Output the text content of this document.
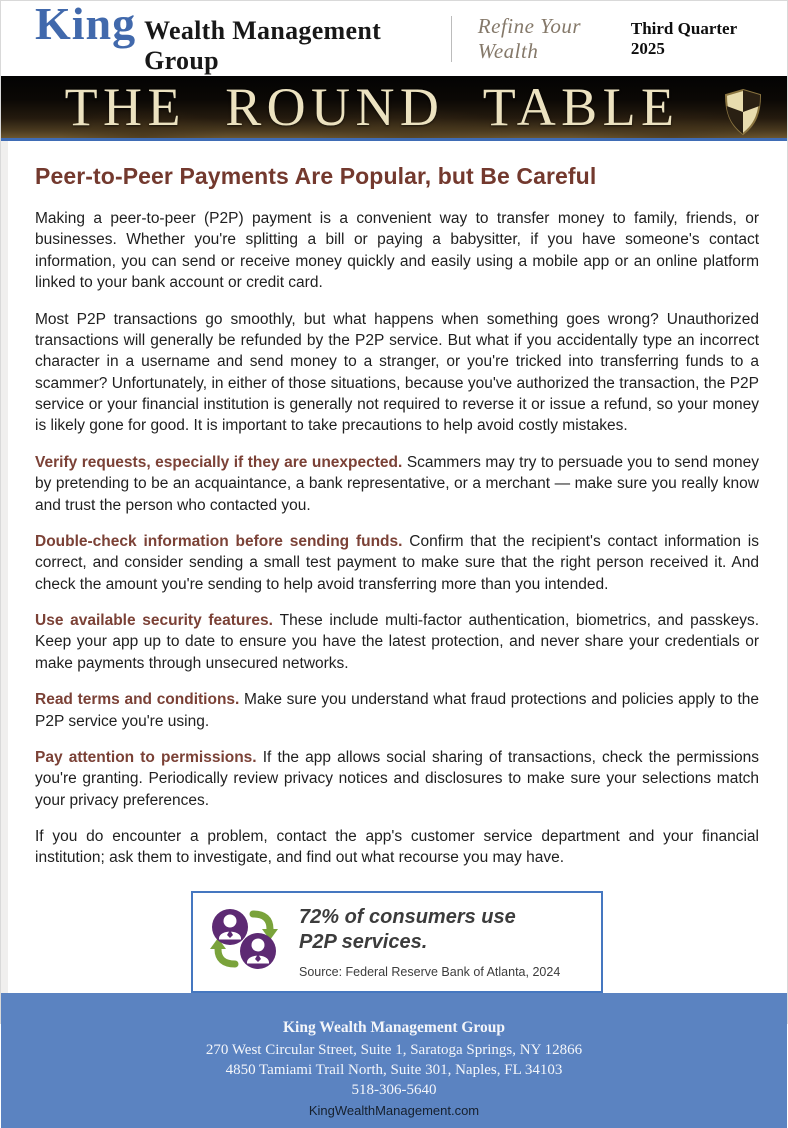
King Wealth Management Group
Refine Your Wealth
Third Quarter 2025
THE ROUND TABLE
Peer-to-Peer Payments Are Popular, but Be Careful

Making a peer-to-peer (P2P) payment is a convenient way to transfer money to family, friends, or businesses. Whether you're splitting a bill or paying a babysitter, if you have someone's contact information, you can send or receive money quickly and easily using a mobile app or an online platform linked to your bank account or credit card.

Most P2P transactions go smoothly, but what happens when something goes wrong? Unauthorized transactions will generally be refunded by the P2P service. But what if you accidentally type an incorrect character in a username and send money to a stranger, or you're tricked into transferring funds to a scammer? Unfortunately, in either of those situations, because you've authorized the transaction, the P2P service or your financial institution is generally not required to reverse it or issue a refund, so your money is likely gone for good. It is important to take precautions to help avoid costly mistakes.

Verify requests, especially if they are unexpected. Scammers may try to persuade you to send money by pretending to be an acquaintance, a bank representative, or a merchant — make sure you really know and trust the person who contacted you.

Double-check information before sending funds. Confirm that the recipient's contact information is correct, and consider sending a small test payment to make sure that the right person received it. And check the amount you're sending to help avoid transferring more than you intended.

Use available security features. These include multi-factor authentication, biometrics, and passkeys. Keep your app up to date to ensure you have the latest protection, and never share your credentials or make payments through unsecured networks.

Read terms and conditions. Make sure you understand what fraud protections and policies apply to the P2P service you're using.

Pay attention to permissions. If the app allows social sharing of transactions, check the permissions you're granting. Periodically review privacy notices and disclosures to make sure your selections match your privacy preferences.

If you do encounter a problem, contact the app's customer service department and your financial institution; ask them to investigate, and find out what recourse you may have.

72% of consumers use P2P services.
Source: Federal Reserve Bank of Atlanta, 2024
King Wealth Management Group
270 West Circular Street, Suite 1, Saratoga Springs, NY 12866
4850 Tamiami Trail North, Suite 301, Naples, FL 34103
518-306-5640
KingWealthManagement.com
